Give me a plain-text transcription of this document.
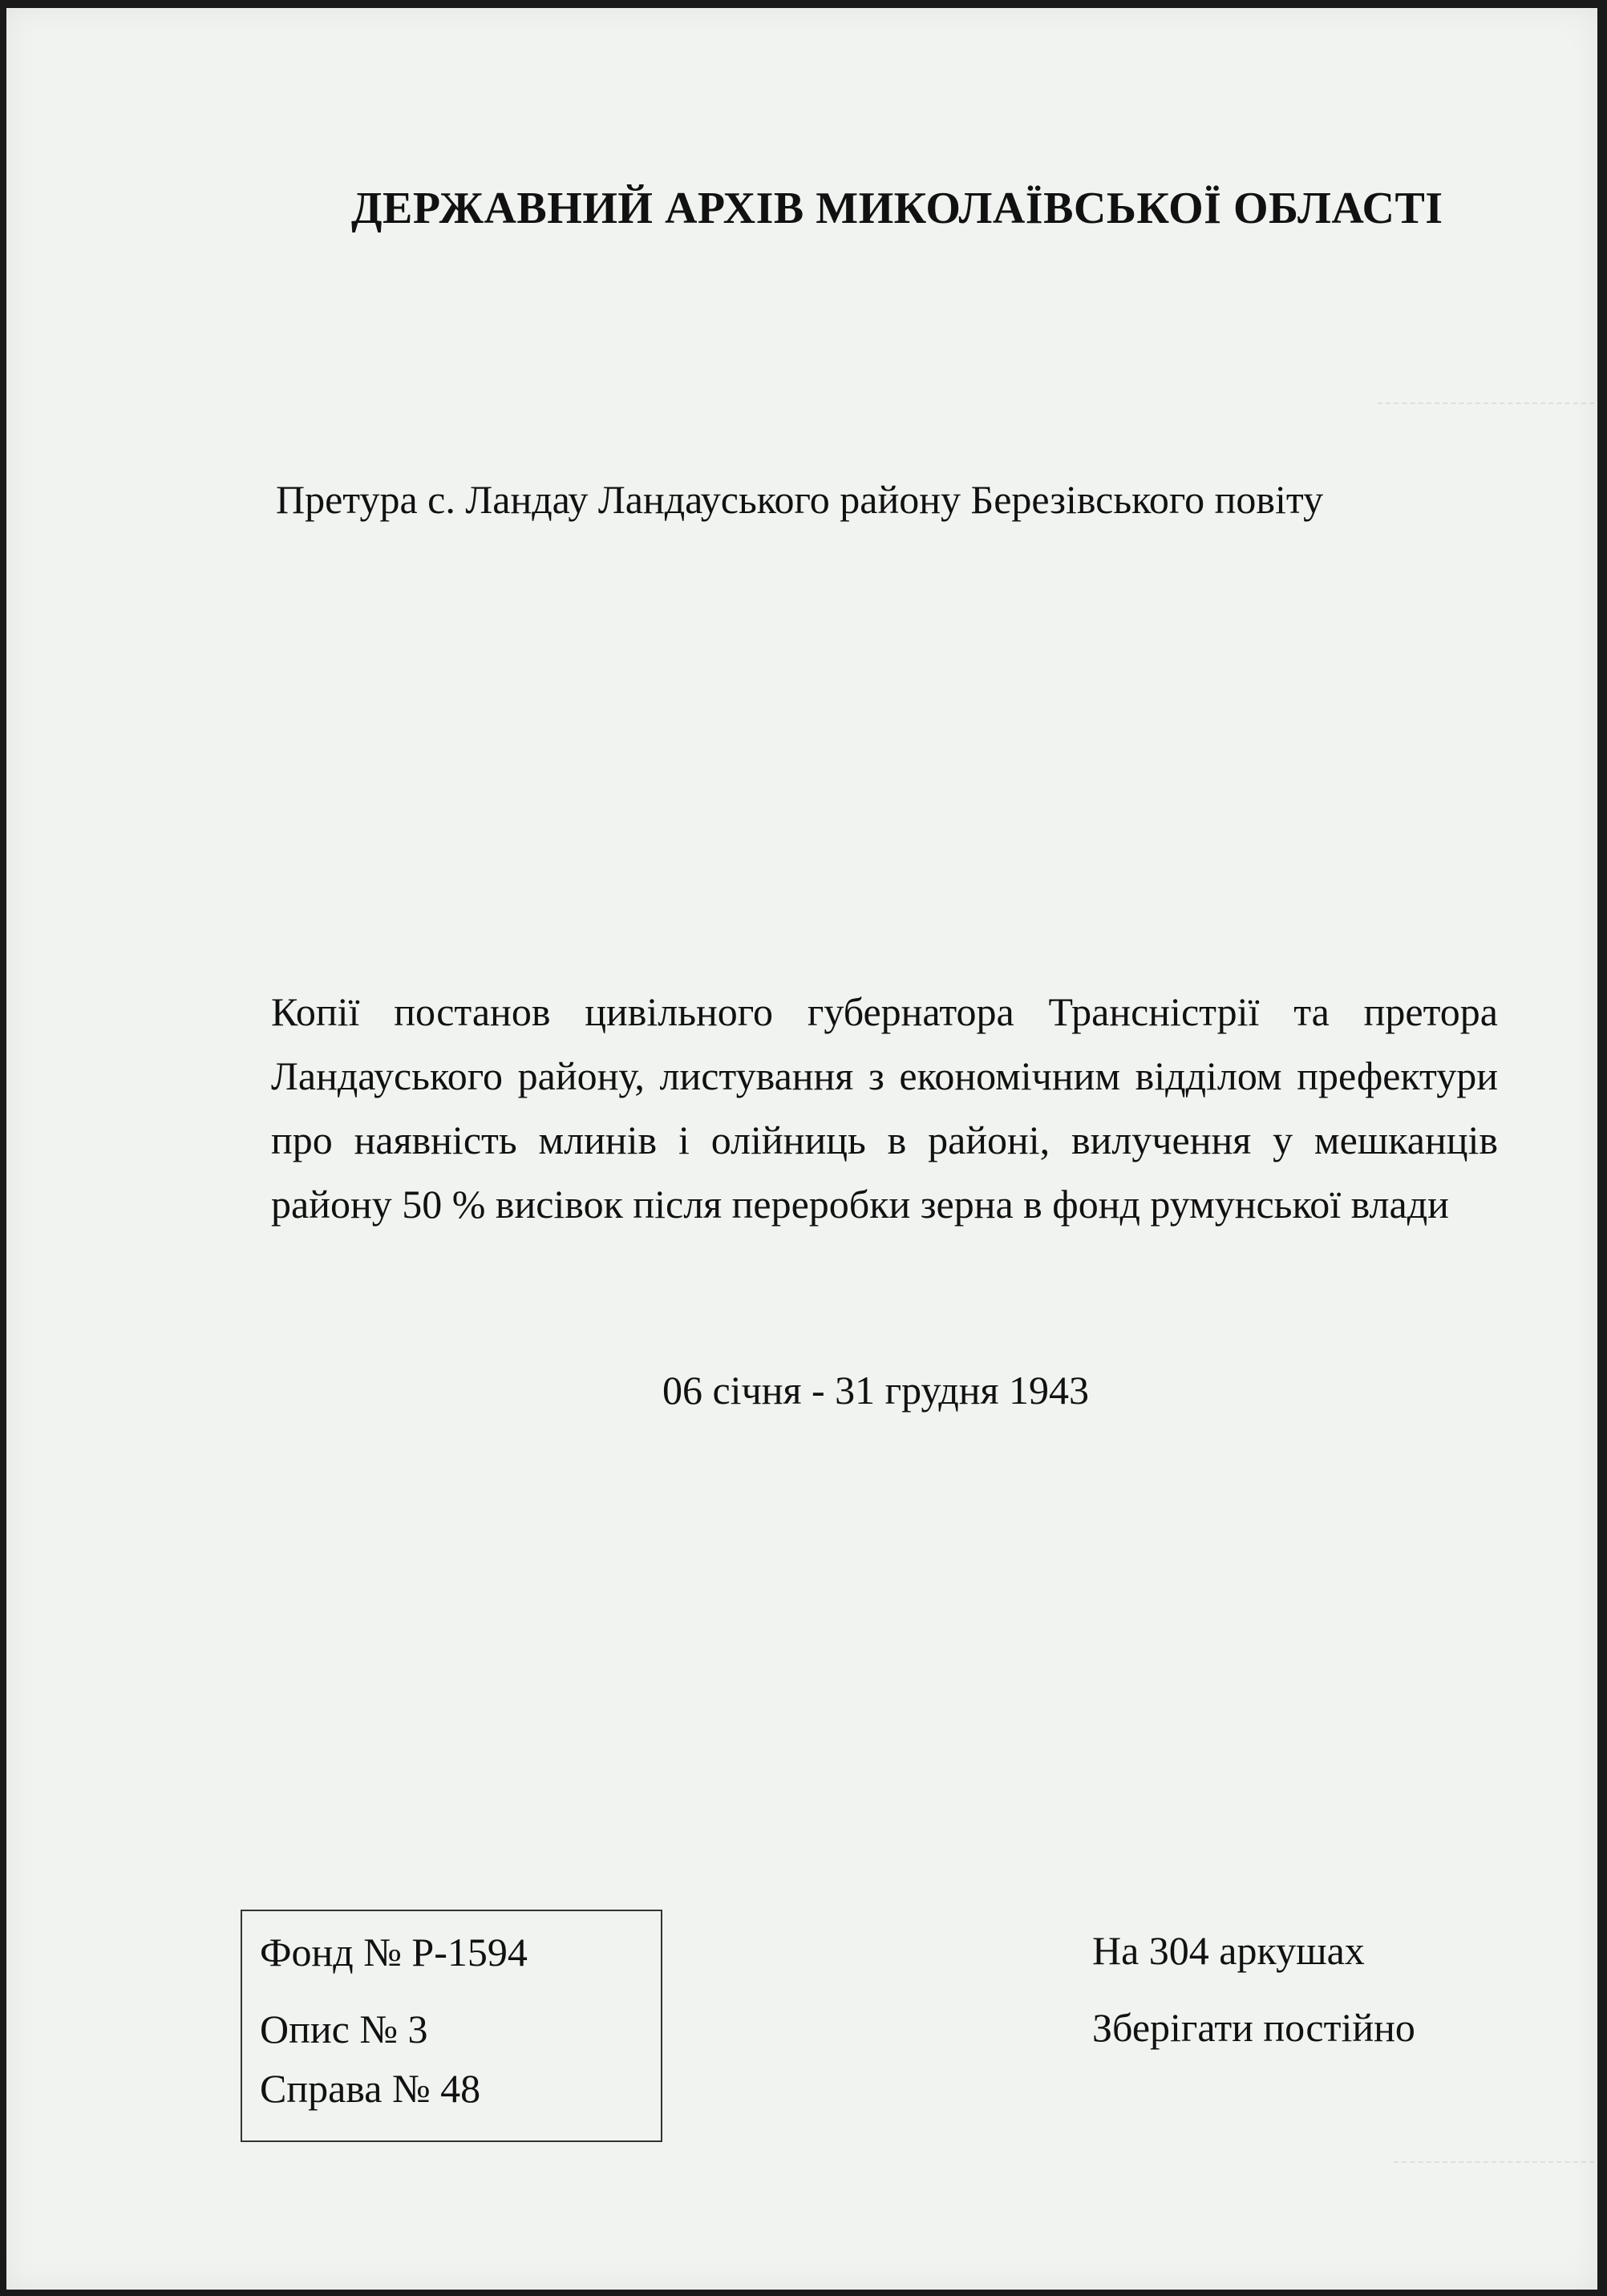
ДЕРЖАВНИЙ АРХІВ МИКОЛАЇВСЬКОЇ ОБЛАСТІ
Претура с. Ландау Ландауського району Березівського повіту
Копії постанов цивільного губернатора Трансністрії та претора Ландауського району, листування з економічним відділом префектури про наявність млинів і олійниць в районі, вилучення у мешканців району 50 % висівок після переробки зерна в фонд румунської влади
06 січня - 31 грудня 1943
Фонд № Р-1594
Опис № 3
Справа № 48
На 304 аркушах
Зберігати постійно
